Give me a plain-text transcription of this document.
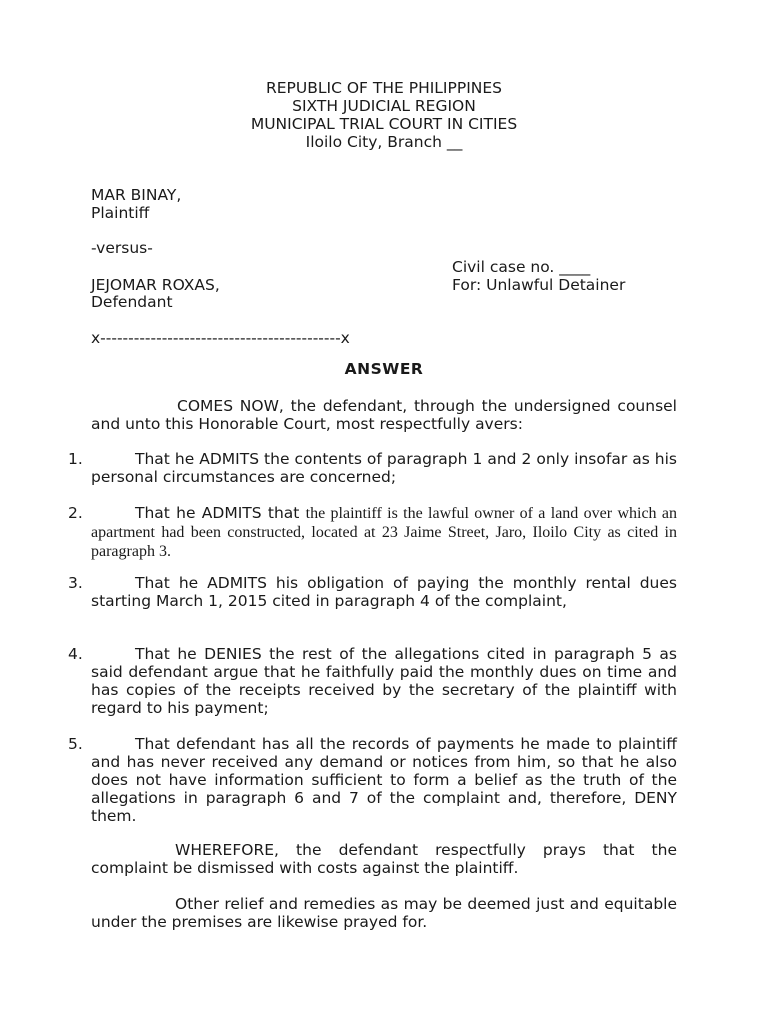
REPUBLIC OF THE PHILIPPINES
SIXTH JUDICIAL REGION
MUNICIPAL TRIAL COURT IN CITIES
Iloilo City, Branch __
MAR BINAY,
Plaintiff
-versus-
Civil case no. ____
JEJOMAR ROXAS,	For: Unlawful Detainer
Defendant
x-------------------------------------------x
ANSWER
COMES NOW, the defendant, through the undersigned counsel and unto this Honorable Court, most respectfully avers:
1.	That he ADMITS the contents of paragraph 1 and 2 only insofar as his personal circumstances are concerned;
2.	That he ADMITS that the plaintiff is the lawful owner of a land over which an apartment had been constructed, located at 23 Jaime Street, Jaro, Iloilo City as cited in paragraph 3.
3.	That he ADMITS his obligation of paying the monthly rental dues starting March 1, 2015 cited in paragraph 4 of the complaint,
4.	That he DENIES the rest of the allegations cited in paragraph 5 as said defendant argue that he faithfully paid the monthly dues on time and has copies of the receipts received by the secretary of the plaintiff with regard to his payment;
5.	That defendant has all the records of payments he made to plaintiff and has never received any demand or notices from him, so that he also does not have information sufficient to form a belief as the truth of the allegations in paragraph 6 and 7 of the complaint and, therefore, DENY them.
WHEREFORE, the defendant respectfully prays that the complaint be dismissed with costs against the plaintiff.
Other relief and remedies as may be deemed just and equitable under the premises are likewise prayed for.
